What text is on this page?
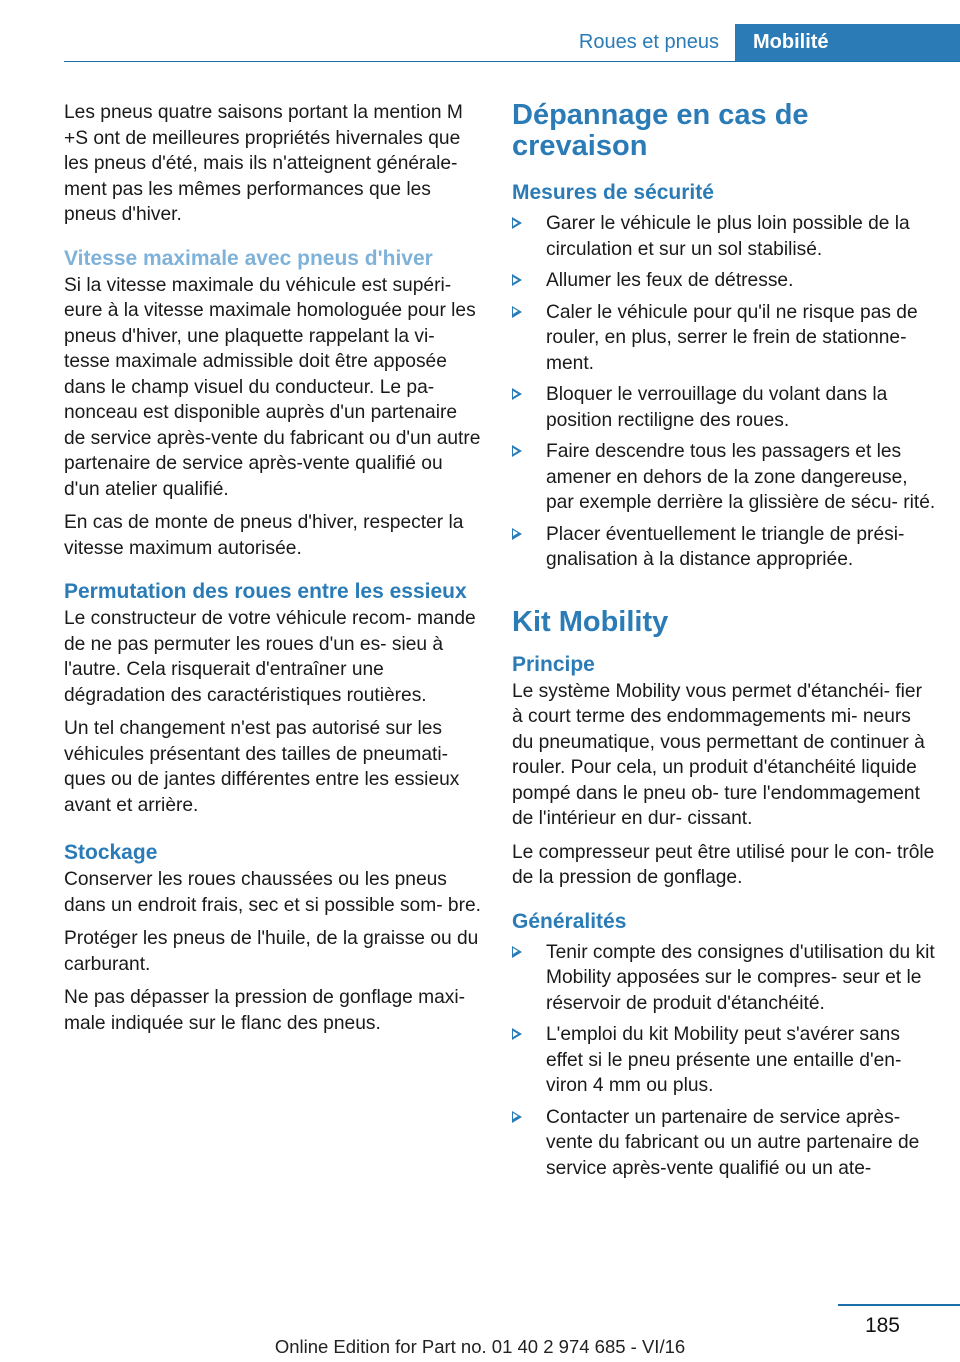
Roues et pneus	Mobilité

Les pneus quatre saisons portant la mention M +S ont de meilleures propriétés hivernales que les pneus d'été, mais ils n'atteignent générale‐ ment pas les mêmes performances que les pneus d'hiver.

Vitesse maximale avec pneus d'hiver

Si la vitesse maximale du véhicule est supéri‐ eure à la vitesse maximale homologuée pour les pneus d'hiver, une plaquette rappelant la vi‐ tesse maximale admissible doit être apposée dans le champ visuel du conducteur. Le pa‐ nonceau est disponible auprès d'un partenaire de service après-vente du fabricant ou d'un autre partenaire de service après-vente qualifié ou d'un atelier qualifié.

En cas de monte de pneus d'hiver, respecter la vitesse maximum autorisée.

Permutation des roues entre les essieux

Le constructeur de votre véhicule recom‐ mande de ne pas permuter les roues d'un es‐ sieu à l'autre. Cela risquerait d'entraîner une dégradation des caractéristiques routières.

Un tel changement n'est pas autorisé sur les véhicules présentant des tailles de pneumati‐ ques ou de jantes différentes entre les essieux avant et arrière.

Stockage

Conserver les roues chaussées ou les pneus dans un endroit frais, sec et si possible som‐ bre.

Protéger les pneus de l'huile, de la graisse ou du carburant.

Ne pas dépasser la pression de gonflage maxi‐ male indiquée sur le flanc des pneus.

Dépannage en cas de crevaison
Mesures de sécurité
Garer le véhicule le plus loin possible de la circulation et sur un sol stabilisé.
Allumer les feux de détresse.
Caler le véhicule pour qu'il ne risque pas de rouler, en plus, serrer le frein de stationne‐ ment.
Bloquer le verrouillage du volant dans la position rectiligne des roues.
Faire descendre tous les passagers et les amener en dehors de la zone dangereuse, par exemple derrière la glissière de sécu‐ rité.
Placer éventuellement le triangle de prési‐ gnalisation à la distance appropriée.
Kit Mobility
Principe

Le système Mobility vous permet d'étanchéi‐ fier à court terme des endommagements mi‐ neurs du pneumatique, vous permettant de continuer à rouler. Pour cela, un produit d'étanchéité liquide pompé dans le pneu ob‐ ture l'endommagement de l'intérieur en dur‐ cissant.

Le compresseur peut être utilisé pour le con‐ trôle de la pression de gonflage.

Généralités
Tenir compte des consignes d'utilisation du kit Mobility apposées sur le compres‐ seur et le réservoir de produit d'étanchéité.
L'emploi du kit Mobility peut s'avérer sans effet si le pneu présente une entaille d'en‐ viron 4 mm ou plus.
Contacter un partenaire de service après- vente du fabricant ou un autre partenaire de service après-vente qualifié ou un ate‐
185
Online Edition for Part no. 01 40 2 974 685 - VI/16
